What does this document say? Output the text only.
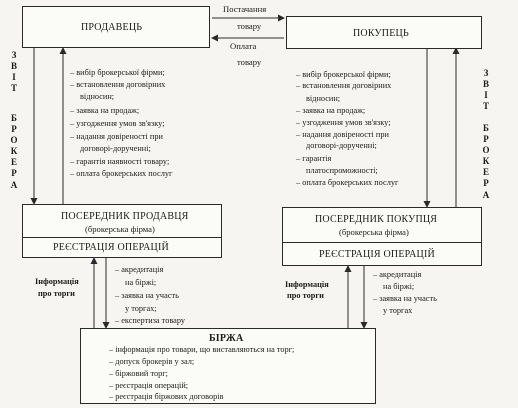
ПРОДАВЕЦЬ
ПОКУПЕЦЬ
Постачання
товару
Оплата
товару
З
В
І
Т
Б
Р
О
К
Е
Р
А
З
В
І
Т
Б
Р
О
К
Е
Р
А
– вибір брокерської фірми;
– встановлення договірних
відносин;
– заявка на продаж;
– узгодження умов зв'язку;
– надання довіреності при
договорі-дорученні;
– гарантія наявності товару;
– оплата брокерських послуг
– вибір брокерської фірми;
– встановлення договірних
відносин;
– заявка на продаж;
– узгодження умов зв'язку;
– надання довіреності при
договорі-дорученні;
– гарантія
платоспроможності;
– оплата брокерських послуг
ПОСЕРЕДНИК ПРОДАВЦЯ
(брокерська фірма)
РЕЄСТРАЦІЯ ОПЕРАЦІЙ
ПОСЕРЕДНИК ПОКУПЦЯ
(брокерська фірма)
РЕЄСТРАЦІЯ ОПЕРАЦІЙ
Інформація
про торги
Інформація
про торги
– акредитація
на біржі;
– заявка на участь
у торгах;
– експертиза товару
– акредитація
на біржі;
– заявка на участь
у торгах
БІРЖА
– інформація про товари, що виставляються на торг;
– допуск брокерів у зал;
– біржовий торг;
– реєстрація операцій;
– реєстрація біржових договорів
